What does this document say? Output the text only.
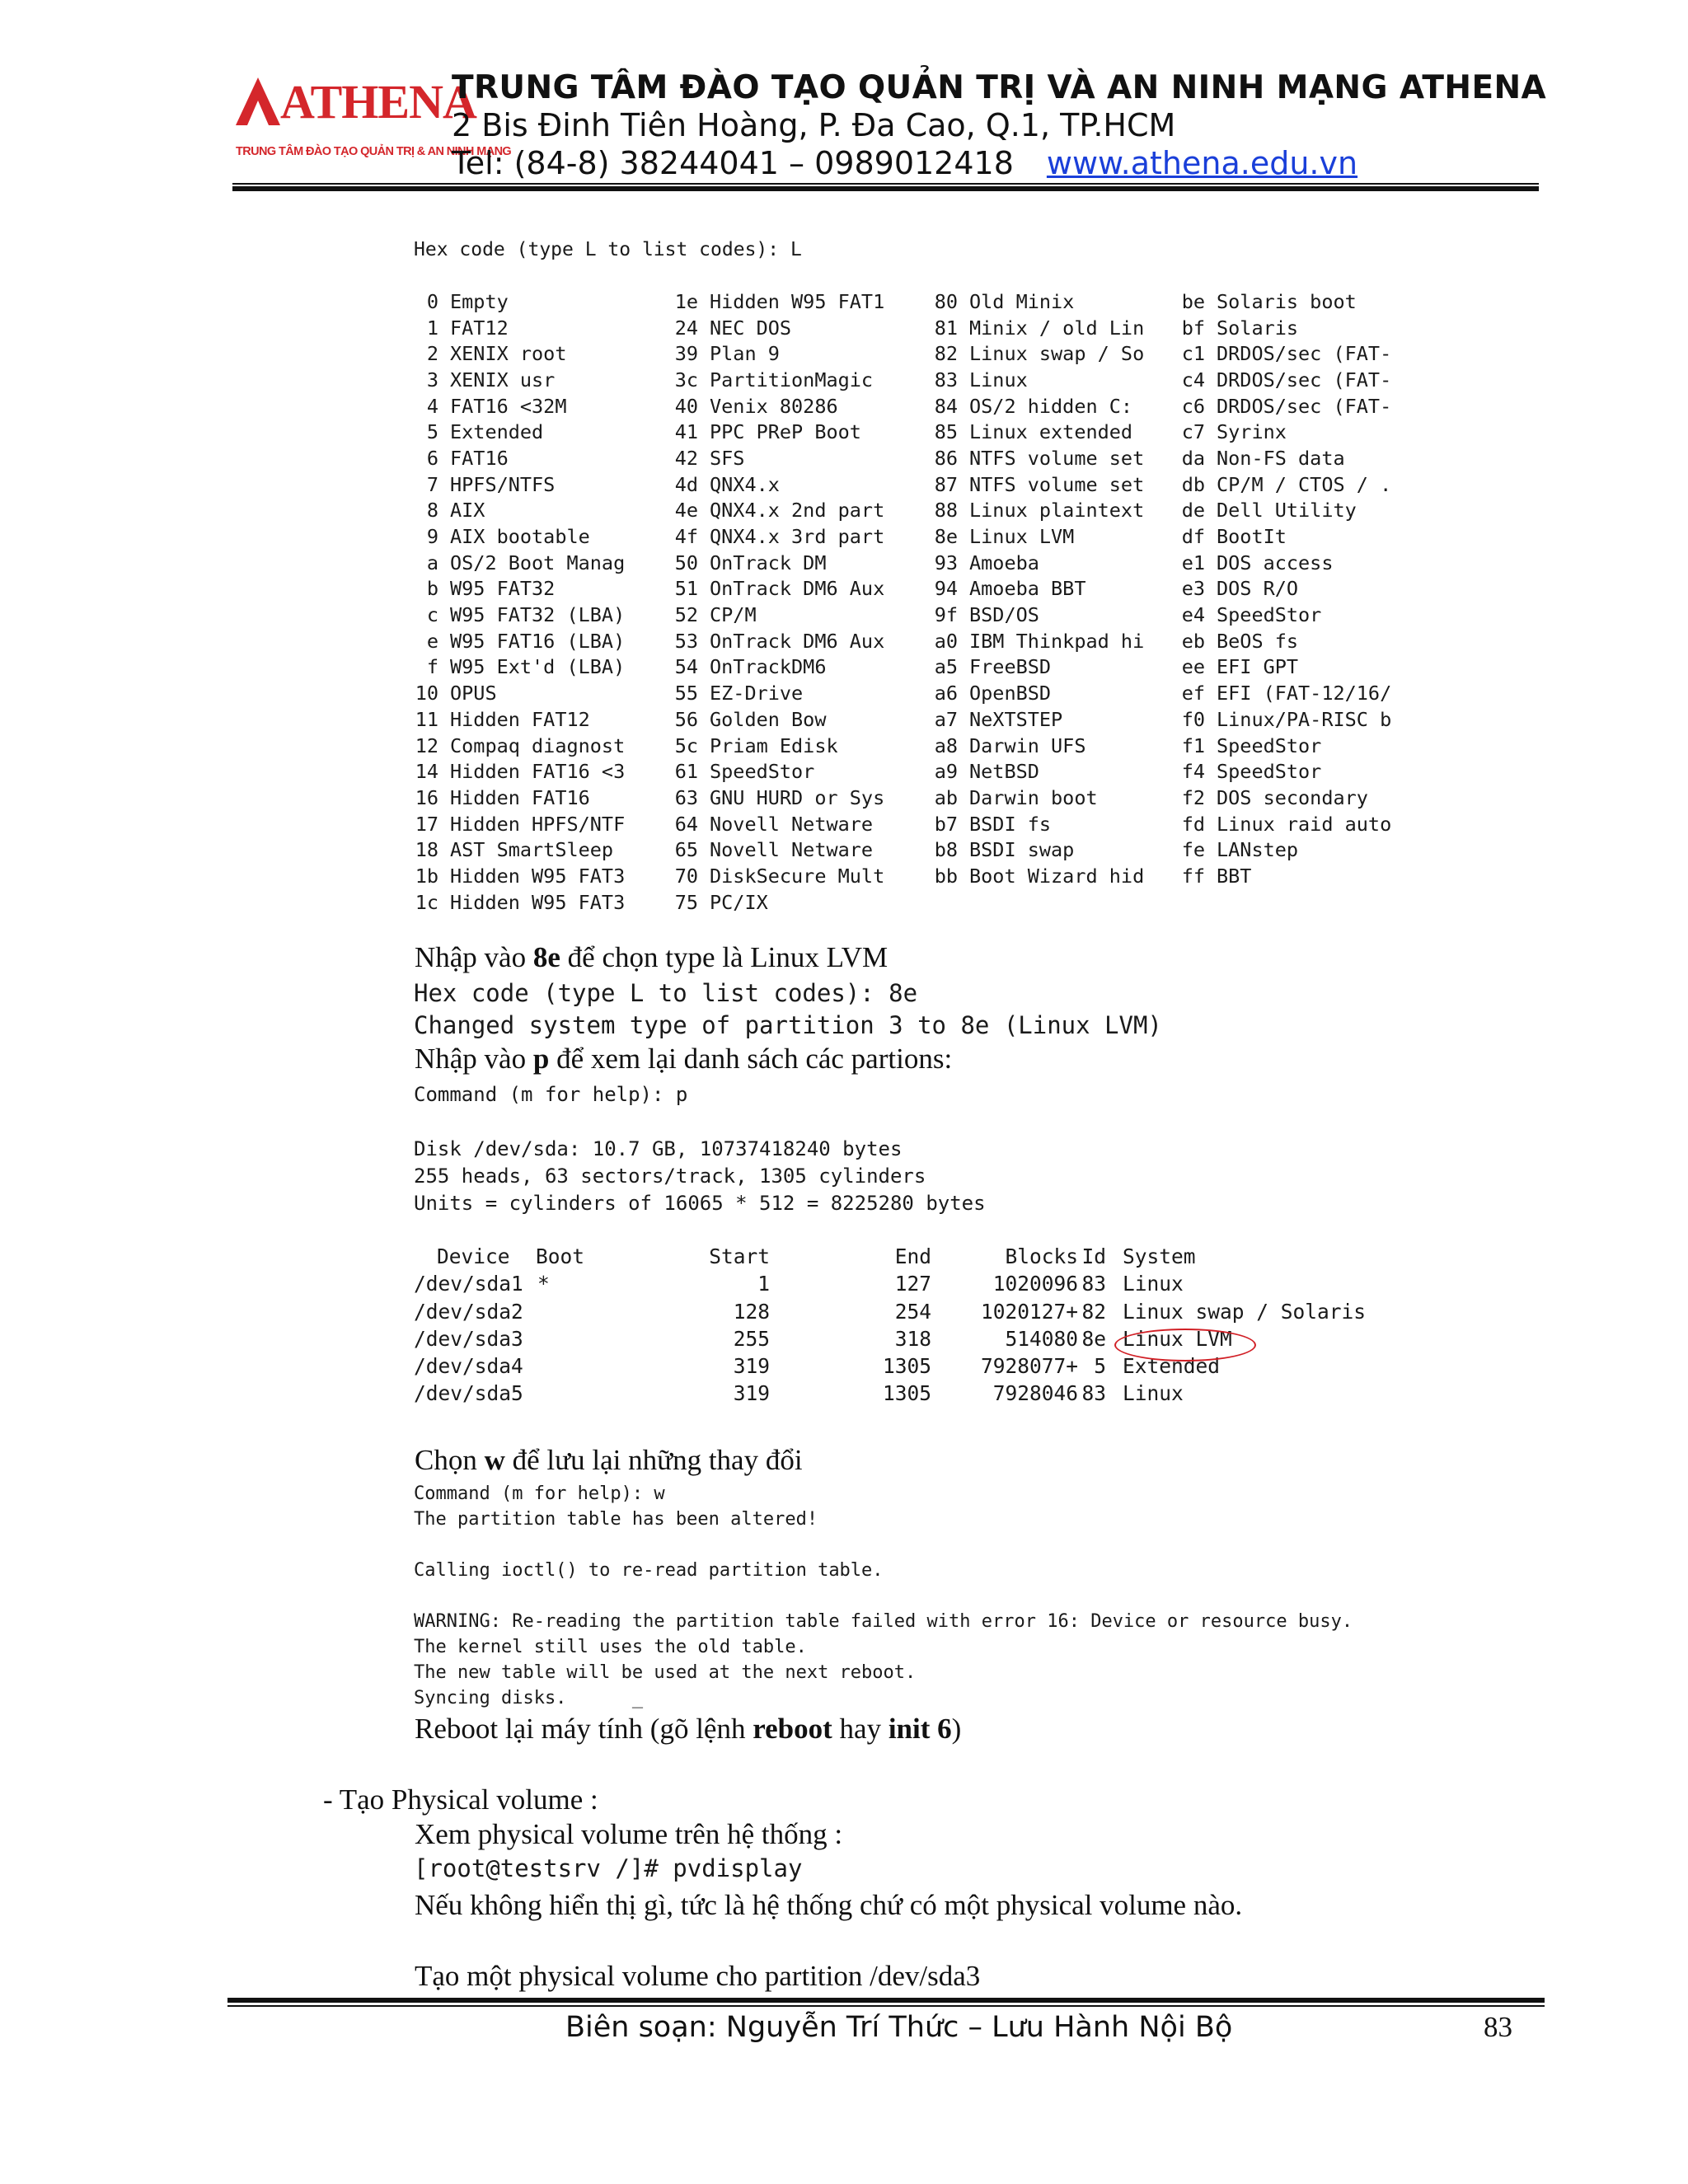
ATHENA
TRUNG TÂM ĐÀO TẠO QUẢN TRỊ & AN NINH MẠNG
TRUNG TÂM ĐÀO TẠO QUẢN TRỊ VÀ AN NINH MẠNG ATHENA
2 Bis Đinh Tiên Hoàng, P. Đa Cao, Q.1, TP.HCM
Tel: (84-8) 38244041 – 0989012418 www.athena.edu.vn
Hex code (type L to list codes): L
0	Empty	1e	Hidden W95 FAT1	80	Old Minix	be	Solaris boot
1	FAT12	24	NEC DOS	81	Minix / old Lin	bf	Solaris
2	XENIX root	39	Plan 9	82	Linux swap / So	c1	DRDOS/sec (FAT-
3	XENIX usr	3c	PartitionMagic	83	Linux	c4	DRDOS/sec (FAT-
4	FAT16 <32M	40	Venix 80286	84	OS/2 hidden C:	c6	DRDOS/sec (FAT-
5	Extended	41	PPC PReP Boot	85	Linux extended	c7	Syrinx
6	FAT16	42	SFS	86	NTFS volume set	da	Non-FS data
7	HPFS/NTFS	4d	QNX4.x	87	NTFS volume set	db	CP/M / CTOS / .
8	AIX	4e	QNX4.x 2nd part	88	Linux plaintext	de	Dell Utility
9	AIX bootable	4f	QNX4.x 3rd part	8e	Linux LVM	df	BootIt
a	OS/2 Boot Manag	50	OnTrack DM	93	Amoeba	e1	DOS access
b	W95 FAT32	51	OnTrack DM6 Aux	94	Amoeba BBT	e3	DOS R/O
c	W95 FAT32 (LBA)	52	CP/M	9f	BSD/OS	e4	SpeedStor
e	W95 FAT16 (LBA)	53	OnTrack DM6 Aux	a0	IBM Thinkpad hi	eb	BeOS fs
f	W95 Ext'd (LBA)	54	OnTrackDM6	a5	FreeBSD	ee	EFI GPT
10	OPUS	55	EZ-Drive	a6	OpenBSD	ef	EFI (FAT-12/16/
11	Hidden FAT12	56	Golden Bow	a7	NeXTSTEP	f0	Linux/PA-RISC b
12	Compaq diagnost	5c	Priam Edisk	a8	Darwin UFS	f1	SpeedStor
14	Hidden FAT16 <3	61	SpeedStor	a9	NetBSD	f4	SpeedStor
16	Hidden FAT16	63	GNU HURD or Sys	ab	Darwin boot	f2	DOS secondary
17	Hidden HPFS/NTF	64	Novell Netware	b7	BSDI fs	fd	Linux raid auto
18	AST SmartSleep	65	Novell Netware	b8	BSDI swap	fe	LANstep
1b	Hidden W95 FAT3	70	DiskSecure Mult	bb	Boot Wizard hid	ff	BBT
1c	Hidden W95 FAT3	75	PC/IX				
Nhập vào 8e để chọn type là Linux LVM
Hex code (type L to list codes): 8e
Changed system type of partition 3 to 8e (Linux LVM)
Nhập vào p để xem lại danh sách các partions:
Command (m for help): p
Disk /dev/sda: 10.7 GB, 10737418240 bytes
255 heads, 63 sectors/track, 1305 cylinders
Units = cylinders of 16065 * 512 = 8225280 bytes
Device Boot	Start	End	Blocks Id System
/dev/sda1 *	1	127	1020096 83 Linux
/dev/sda2	128	254 1020127+ 82 Linux swap / Solaris
/dev/sda3	255	318	514080 8e Linux LVM
/dev/sda4	319	1305 7928077+ 5 Extended
/dev/sda5	319	1305	7928046 83 Linux
Chọn w để lưu lại những thay đổi
Command (m for help): w
The partition table has been altered!
Calling ioctl() to re-read partition table.
WARNING: Re-reading the partition table failed with error 16: Device or resource busy.
The kernel still uses the old table.
The new table will be used at the next reboot.
Syncing disks.      _
Reboot lại máy tính (gõ lệnh reboot hay init 6)
- Tạo Physical volume :
Xem physical volume trên hệ thống :
[root@testsrv /]# pvdisplay
Nếu không hiển thị gì, tức là hệ thống chứ có một physical volume nào.
Tạo một physical volume cho partition /dev/sda3
Biên soạn: Nguyễn Trí Thức – Lưu Hành Nội Bộ	83
